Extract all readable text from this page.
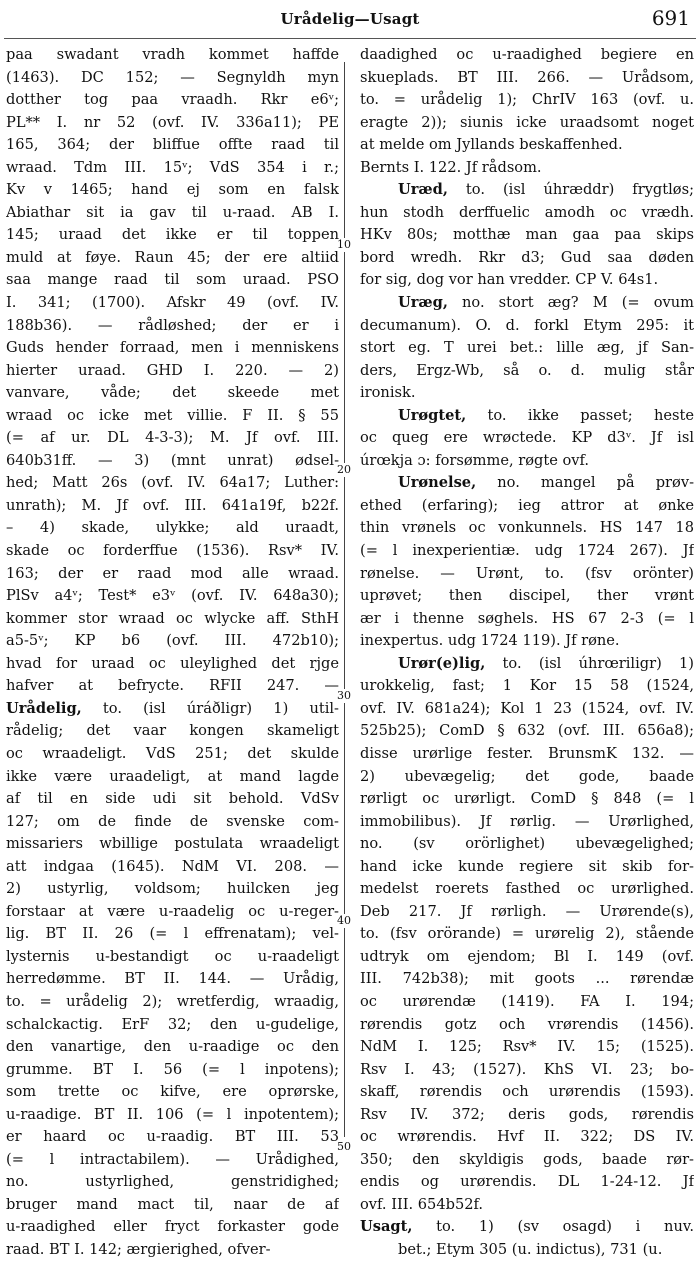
Urådelig—Usagt	691
10
20
30
40
50
paa swadant vradh kommet haffde
(1463). DC 152; — Segnyldh myn
dotther tog paa vraadh. Rkr e6ᵛ;
PL** I. nr 52 (ovf. IV. 336a11); PE
165, 364; der bliffue offte raad til
wraad. Tdm III. 15ᵛ; VdS 354 i r.;
Kv v 1465; hand ej som en falsk
Abiathar sit ia gav til u-raad. AB I.
145; uraad det ikke er til toppen
muld at føye. Raun 45; der ere altiid
saa mange raad til som uraad. PSO
I. 341; (1700). Afskr 49 (ovf. IV.
188b36). — rådløshed; der er i
Guds hender forraad, men i menniskens
hierter uraad. GHD I. 220. — 2)
vanvare, våde; det skeede met
wraad oc icke met villie. F II. § 55
(= af ur. DL 4-3-3); M. Jf ovf. III.
640b31ff. — 3) (mnt unrat) ødsel-
hed; Matt 26s (ovf. IV. 64a17; Luther:
unrath); M. Jf ovf. III. 641a19f, b22f.
– 4) skade, ulykke; ald uraadt,
skade oc forderffue (1536). Rsv* IV.
163; der er raad mod alle wraad.
PlSv a4ᵛ; Test* e3ᵛ (ovf. IV. 648a30);
kommer stor wraad oc wlycke aff. SthH
a5-5ᵛ; KP b6 (ovf. III. 472b10);
hvad for uraad oc uleylighed det rjge
hafver at befrycte. RFII 247. —
Urådelig, to. (isl úráðligr) 1) util-
rådelig; det vaar kongen skameligt
oc wraadeligt. VdS 251; det skulde
ikke være uraadeligt, at mand lagde
af til en side udi sit behold. VdSv
127; om de finde de svenske com-
missariers wbillige postulata wraadeligt
att indgaa (1645). NdM VI. 208. —
2) ustyrlig, voldsom; huilcken jeg
forstaar at være u-raadelig oc u-reger-
lig. BT II. 26 (= l effrenatam); vel-
lysternis u-bestandigt oc u-raadeligt
herredømme. BT II. 144. — Urådig,
to. = urådelig 2); wretferdig, wraadig,
schalckactig. ErF 32; den u-gudelige,
den vanartige, den u-raadige oc den
grumme. BT I. 56 (= l inpotens);
som trette oc kifve, ere oprørske,
u-raadige. BT II. 106 (= l inpotentem);
er haard oc u-raadig. BT III. 53
(= l intractabilem). — Urådighed,
no. ustyrlighed, genstridighed;
bruger mand mact til, naar de af
u-raadighed eller fryct forkaster gode
raad. BT I. 142; ærgierighed, ofver-
daadighed oc u-raadighed begiere en
skueplads. BT III. 266. — Urådsom,
to. = urådelig 1); ChrIV 163 (ovf. u.
eragte 2)); siunis icke uraadsomt noget
at melde om Jyllands beskaffenhed.
Bernts I. 122. Jf rådsom.
Uræd, to. (isl úhræddr) frygtløs;
hun stodh derffuelic amodh oc vrædh.
HKv 80s; motthæ man gaa paa skips
bord wredh. Rkr d3; Gud saa døden
for sig, dog vor han vredder. CP V. 64s1.
Uræg, no. stort æg? M (= ovum
decumanum). O. d. forkl Etym 295: it
stort eg. T urei bet.: lille æg, jf San-
ders, Ergz-Wb, så o. d. mulig står
ironisk.
Urøgtet, to. ikke passet; heste
oc queg ere wrøctede. KP d3ᵛ. Jf isl
úrœkja ɔ: forsømme, røgte ovf.
Urønelse, no. mangel på prøv-
ethed (erfaring); ieg attror at ønke
thin vrønels oc vonkunnels. HS 147 18
(= l inexperientiæ. udg 1724 267). Jf
rønelse. — Urønt, to. (fsv orönter)
uprøvet; then discipel, ther vrønt
ær i thenne søghels. HS 67 2-3 (= l
inexpertus. udg 1724 119). Jf røne.
Urør(e)lig, to. (isl úhrœriligr) 1)
urokkelig, fast; 1 Kor 15 58 (1524,
ovf. IV. 681a24); Kol 1 23 (1524, ovf. IV.
525b25); ComD § 632 (ovf. III. 656a8);
disse urørlige fester. BrunsmK 132. —
2) ubevægelig; det gode, baade
rørligt oc urørligt. ComD § 848 (= l
immobilibus). Jf rørlig. — Urørlighed,
no. (sv orörlighet) ubevægelighed;
hand icke kunde regiere sit skib for-
medelst roerets fasthed oc urørlighed.
Deb 217. Jf rørligh. — Urørende(s),
to. (fsv orörande) = urørelig 2), stående
udtryk om ejendom; Bl I. 149 (ovf.
III. 742b38); mit goots ... rørendæ
oc urørendæ (1419). FA I. 194;
rørendis gotz och vrørendis (1456).
NdM I. 125; Rsv* IV. 15; (1525).
Rsv I. 43; (1527). KhS VI. 23; bo-
skaff, rørendis och urørendis (1593).
Rsv IV. 372; deris gods, rørendis
oc wrørendis. Hvf II. 322; DS IV.
350; den skyldigis gods, baade rør-
endis og urørendis. DL 1-24-12. Jf
ovf. III. 654b52f.
Usagt, to. 1) (sv osagd) i nuv.
bet.; Etym 305 (u. indictus), 731 (u.
